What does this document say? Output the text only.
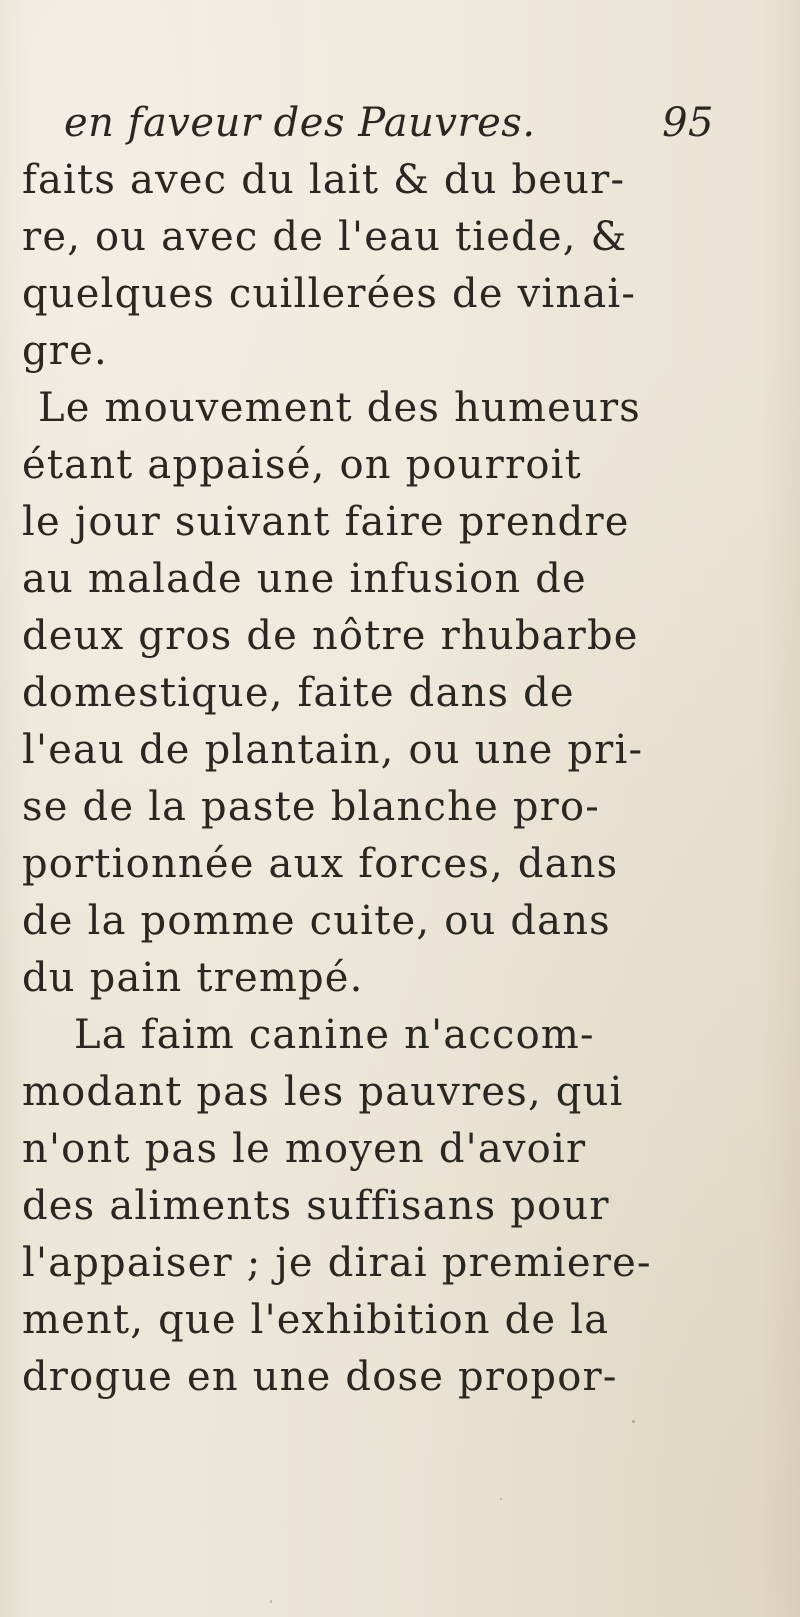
en faveur des Pauvres.	95
faits avec du lait & du beur-
re, ou avec de l'eau tiede, &
quelques cuillerées de vinai-
gre.
Le mouvement des humeurs
étant appaisé, on pourroit
le jour suivant faire prendre
au malade une infusion de
deux gros de nôtre rhubarbe
domestique, faite dans de
l'eau de plantain, ou une pri-
se de la paste blanche pro-
portionnée aux forces, dans
de la pomme cuite, ou dans
du pain trempé.
La faim canine n'accom-
modant pas les pauvres, qui
n'ont pas le moyen d'avoir
des aliments suffisans pour
l'appaiser ; je dirai premiere-
ment, que l'exhibition de la
drogue en une dose propor-
